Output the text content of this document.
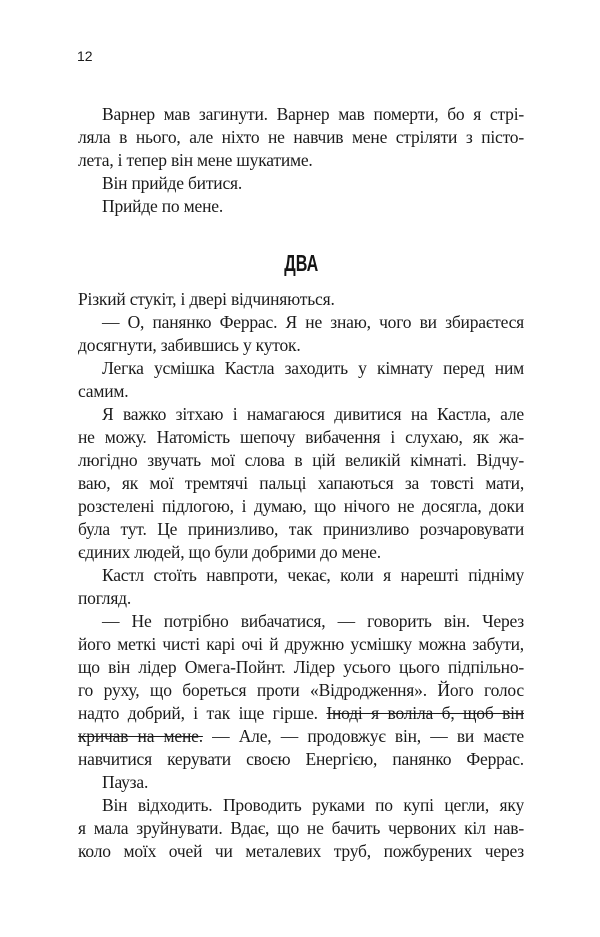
12
Варнер мав загинути. Варнер мав померти, бо я стрі-
ляла в нього, але ніхто не навчив мене стріляти з пісто-
лета, і тепер він мене шукатиме.
Він прийде битися.
Прийде по мене.
ДВА
Різкий стукіт, і двері відчиняються.
— О, панянко Феррас. Я не знаю, чого ви збираєтеся
досягнути, забившись у куток.
Легка усмішка Кастла заходить у кімнату перед ним
самим.
Я важко зітхаю і намагаюся дивитися на Кастла, але
не можу. Натомість шепочу вибачення і слухаю, як жа-
люгідно звучать мої слова в цій великій кімнаті. Відчу-
ваю, як мої тремтячі пальці хапаються за товсті мати,
розстелені підлогою, і думаю, що нічого не досягла, доки
була тут. Це принизливо, так принизливо розчаровувати
єдиних людей, що були добрими до мене.
Кастл стоїть навпроти, чекає, коли я нарешті підніму
погляд.
— Не потрібно вибачатися, — говорить він. Через
його меткі чисті карі очі й дружню усмішку можна забути,
що він лідер Омега-Пойнт. Лідер усього цього підпільно-
го руху, що бореться проти «Відродження». Його голос
надто добрий, і так іще гірше. Іноді я воліла б, щоб він
кричав на мене. — Але, — продовжує він, — ви маєте
навчитися керувати своєю Енергією, панянко Феррас.
Пауза.
Він відходить. Проводить руками по купі цегли, яку
я мала зруйнувати. Вдає, що не бачить червоних кіл нав-
коло моїх очей чи металевих труб, пожбурених через
